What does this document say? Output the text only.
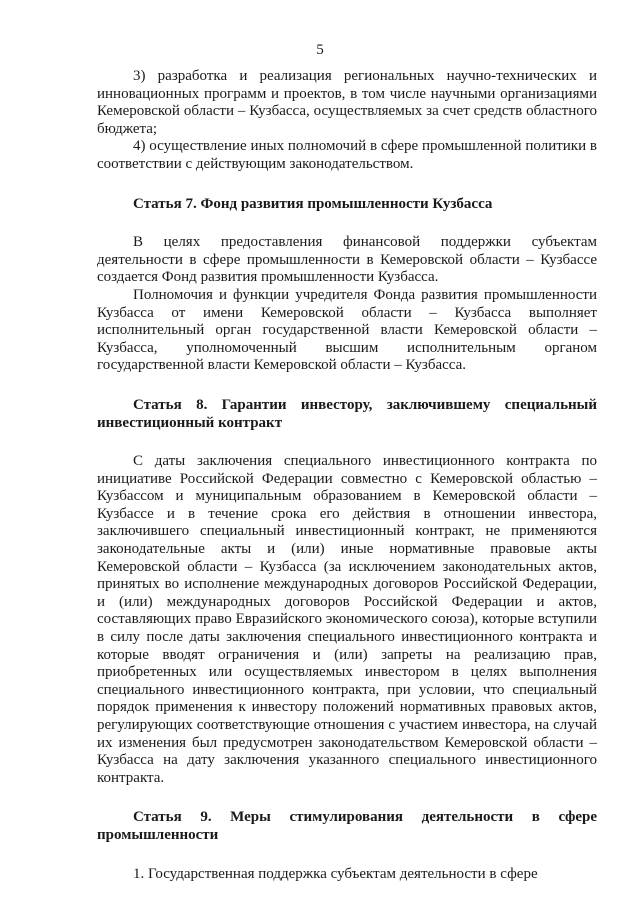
5

3) разработка и реализация региональных научно-технических и инновационных программ и проектов, в том числе научными организациями Кемеровской области – Кузбасса, осуществляемых за счет средств областного бюджета;

4) осуществление иных полномочий в сфере промышленной политики в соответствии с действующим законодательством.

Статья 7. Фонд развития промышленности Кузбасса

В целях предоставления финансовой поддержки субъектам деятельности в сфере промышленности в Кемеровской области – Кузбассе создается Фонд развития промышленности Кузбасса.

Полномочия и функции учредителя Фонда развития промышленности Кузбасса от имени Кемеровской области – Кузбасса выполняет исполнительный орган государственной власти Кемеровской области – Кузбасса, уполномоченный высшим исполнительным органом государственной власти Кемеровской области – Кузбасса.

Статья 8. Гарантии инвестору, заключившему специальный инвестиционный контракт

С даты заключения специального инвестиционного контракта по инициативе Российской Федерации совместно с Кемеровской областью – Кузбассом и муниципальным образованием в Кемеровской области – Кузбассе и в течение срока его действия в отношении инвестора, заключившего специальный инвестиционный контракт, не применяются законодательные акты и (или) иные нормативные правовые акты Кемеровской области – Кузбасса (за исключением законодательных актов, принятых во исполнение международных договоров Российской Федерации, и (или) международных договоров Российской Федерации и актов, составляющих право Евразийского экономического союза), которые вступили в силу после даты заключения специального инвестиционного контракта и которые вводят ограничения и (или) запреты на реализацию прав, приобретенных или осуществляемых инвестором в целях выполнения специального инвестиционного контракта, при условии, что специальный порядок применения к инвестору положений нормативных правовых актов, регулирующих соответствующие отношения с участием инвестора, на случай их изменения был предусмотрен законодательством Кемеровской области – Кузбасса на дату заключения указанного специального инвестиционного контракта.

Статья 9. Меры стимулирования деятельности в сфере промышленности

1. Государственная поддержка субъектам деятельности в сфере
